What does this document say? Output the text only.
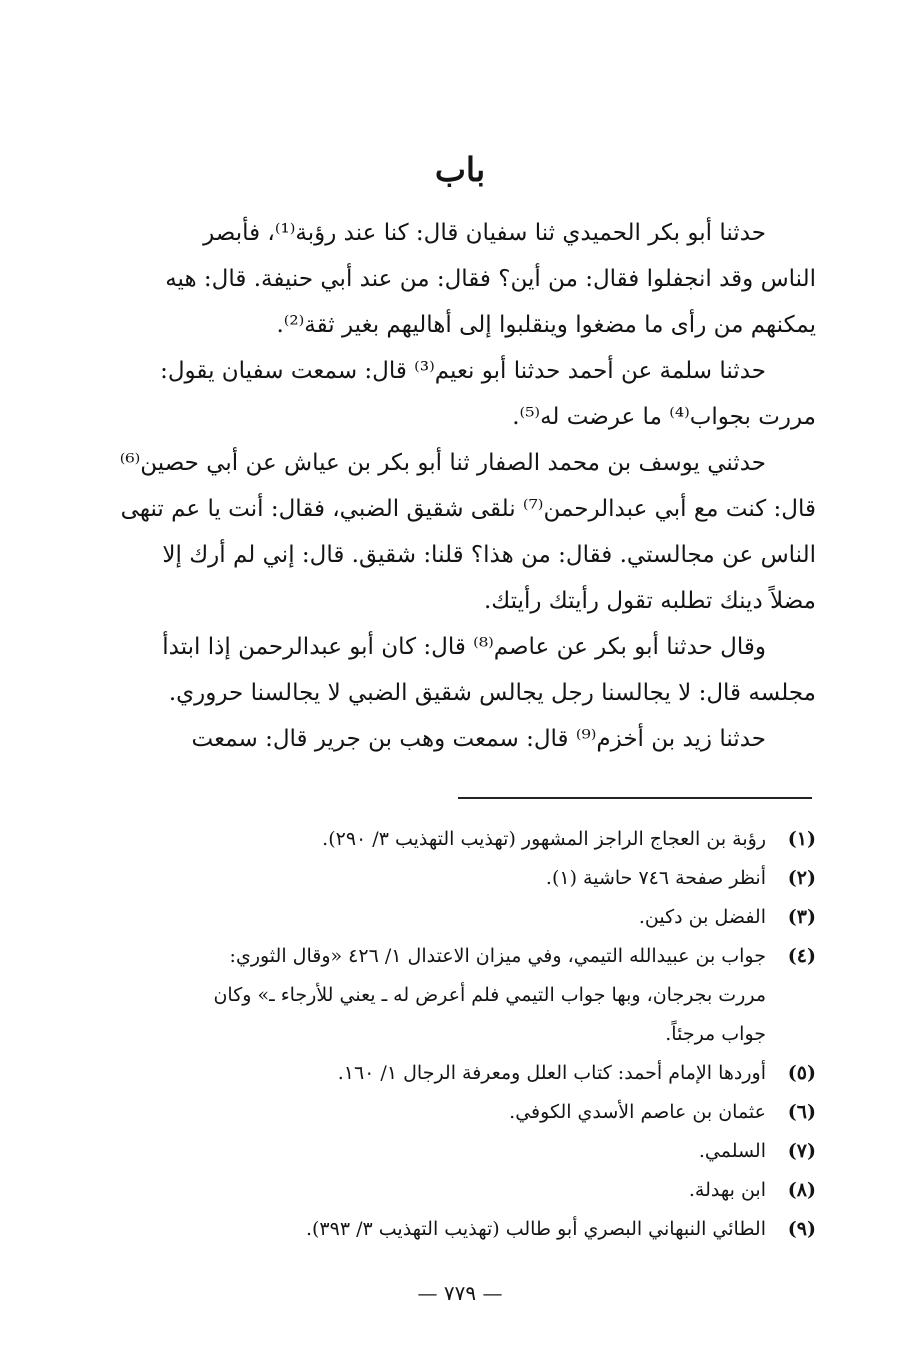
باب
حدثنا أبو بكر الحميدي ثنا سفيان قال: كنا عند رؤبة⁽¹⁾، فأبصر
الناس وقد انجفلوا فقال: من أين؟ فقال: من عند أبي حنيفة. قال: هيه
يمكنهم من رأى ما مضغوا وينقلبوا إلى أهاليهم بغير ثقة⁽²⁾.
حدثنا سلمة عن أحمد حدثنا أبو نعيم⁽³⁾ قال: سمعت سفيان يقول:
مررت بجواب⁽⁴⁾ ما عرضت له⁽⁵⁾.
حدثني يوسف بن محمد الصفار ثنا أبو بكر بن عياش عن أبي حصين⁽⁶⁾
قال: كنت مع أبي عبدالرحمن⁽⁷⁾ نلقى شقيق الضبي، فقال: أنت يا عم تنهى
الناس عن مجالستي. فقال: من هذا؟ قلنا: شقيق. قال: إني لم أرك إلا
مضلاً دينك تطلبه تقول رأيتك رأيتك.
وقال حدثنا أبو بكر عن عاصم⁽⁸⁾ قال: كان أبو عبدالرحمن إذا ابتدأ
مجلسه قال: لا يجالسنا رجل يجالس شقيق الضبي لا يجالسنا حروري.
حدثنا زيد بن أخزم⁽⁹⁾ قال: سمعت وهب بن جرير قال: سمعت
(١)
رؤبة بن العجاج الراجز المشهور (تهذيب التهذيب ٣/ ٢٩٠).
(٢)
أنظر صفحة ٧٤٦ حاشية (١).
(٣)
الفضل بن دكين.
(٤)
جواب بن عبيدالله التيمي، وفي ميزان الاعتدال ١/ ٤٢٦ «وقال الثوري:
مررت بجرجان، وبها جواب التيمي فلم أعرض له ـ يعني للأرجاء ـ» وكان
جواب مرجئاً.
(٥)
أوردها الإمام أحمد: كتاب العلل ومعرفة الرجال ١/ ١٦٠.
(٦)
عثمان بن عاصم الأسدي الكوفي.
(٧)
السلمي.
(٨)
ابن بهدلة.
(٩)
الطائي النبهاني البصري أبو طالب (تهذيب التهذيب ٣/ ٣٩٣).
— ٧٧٩ —
